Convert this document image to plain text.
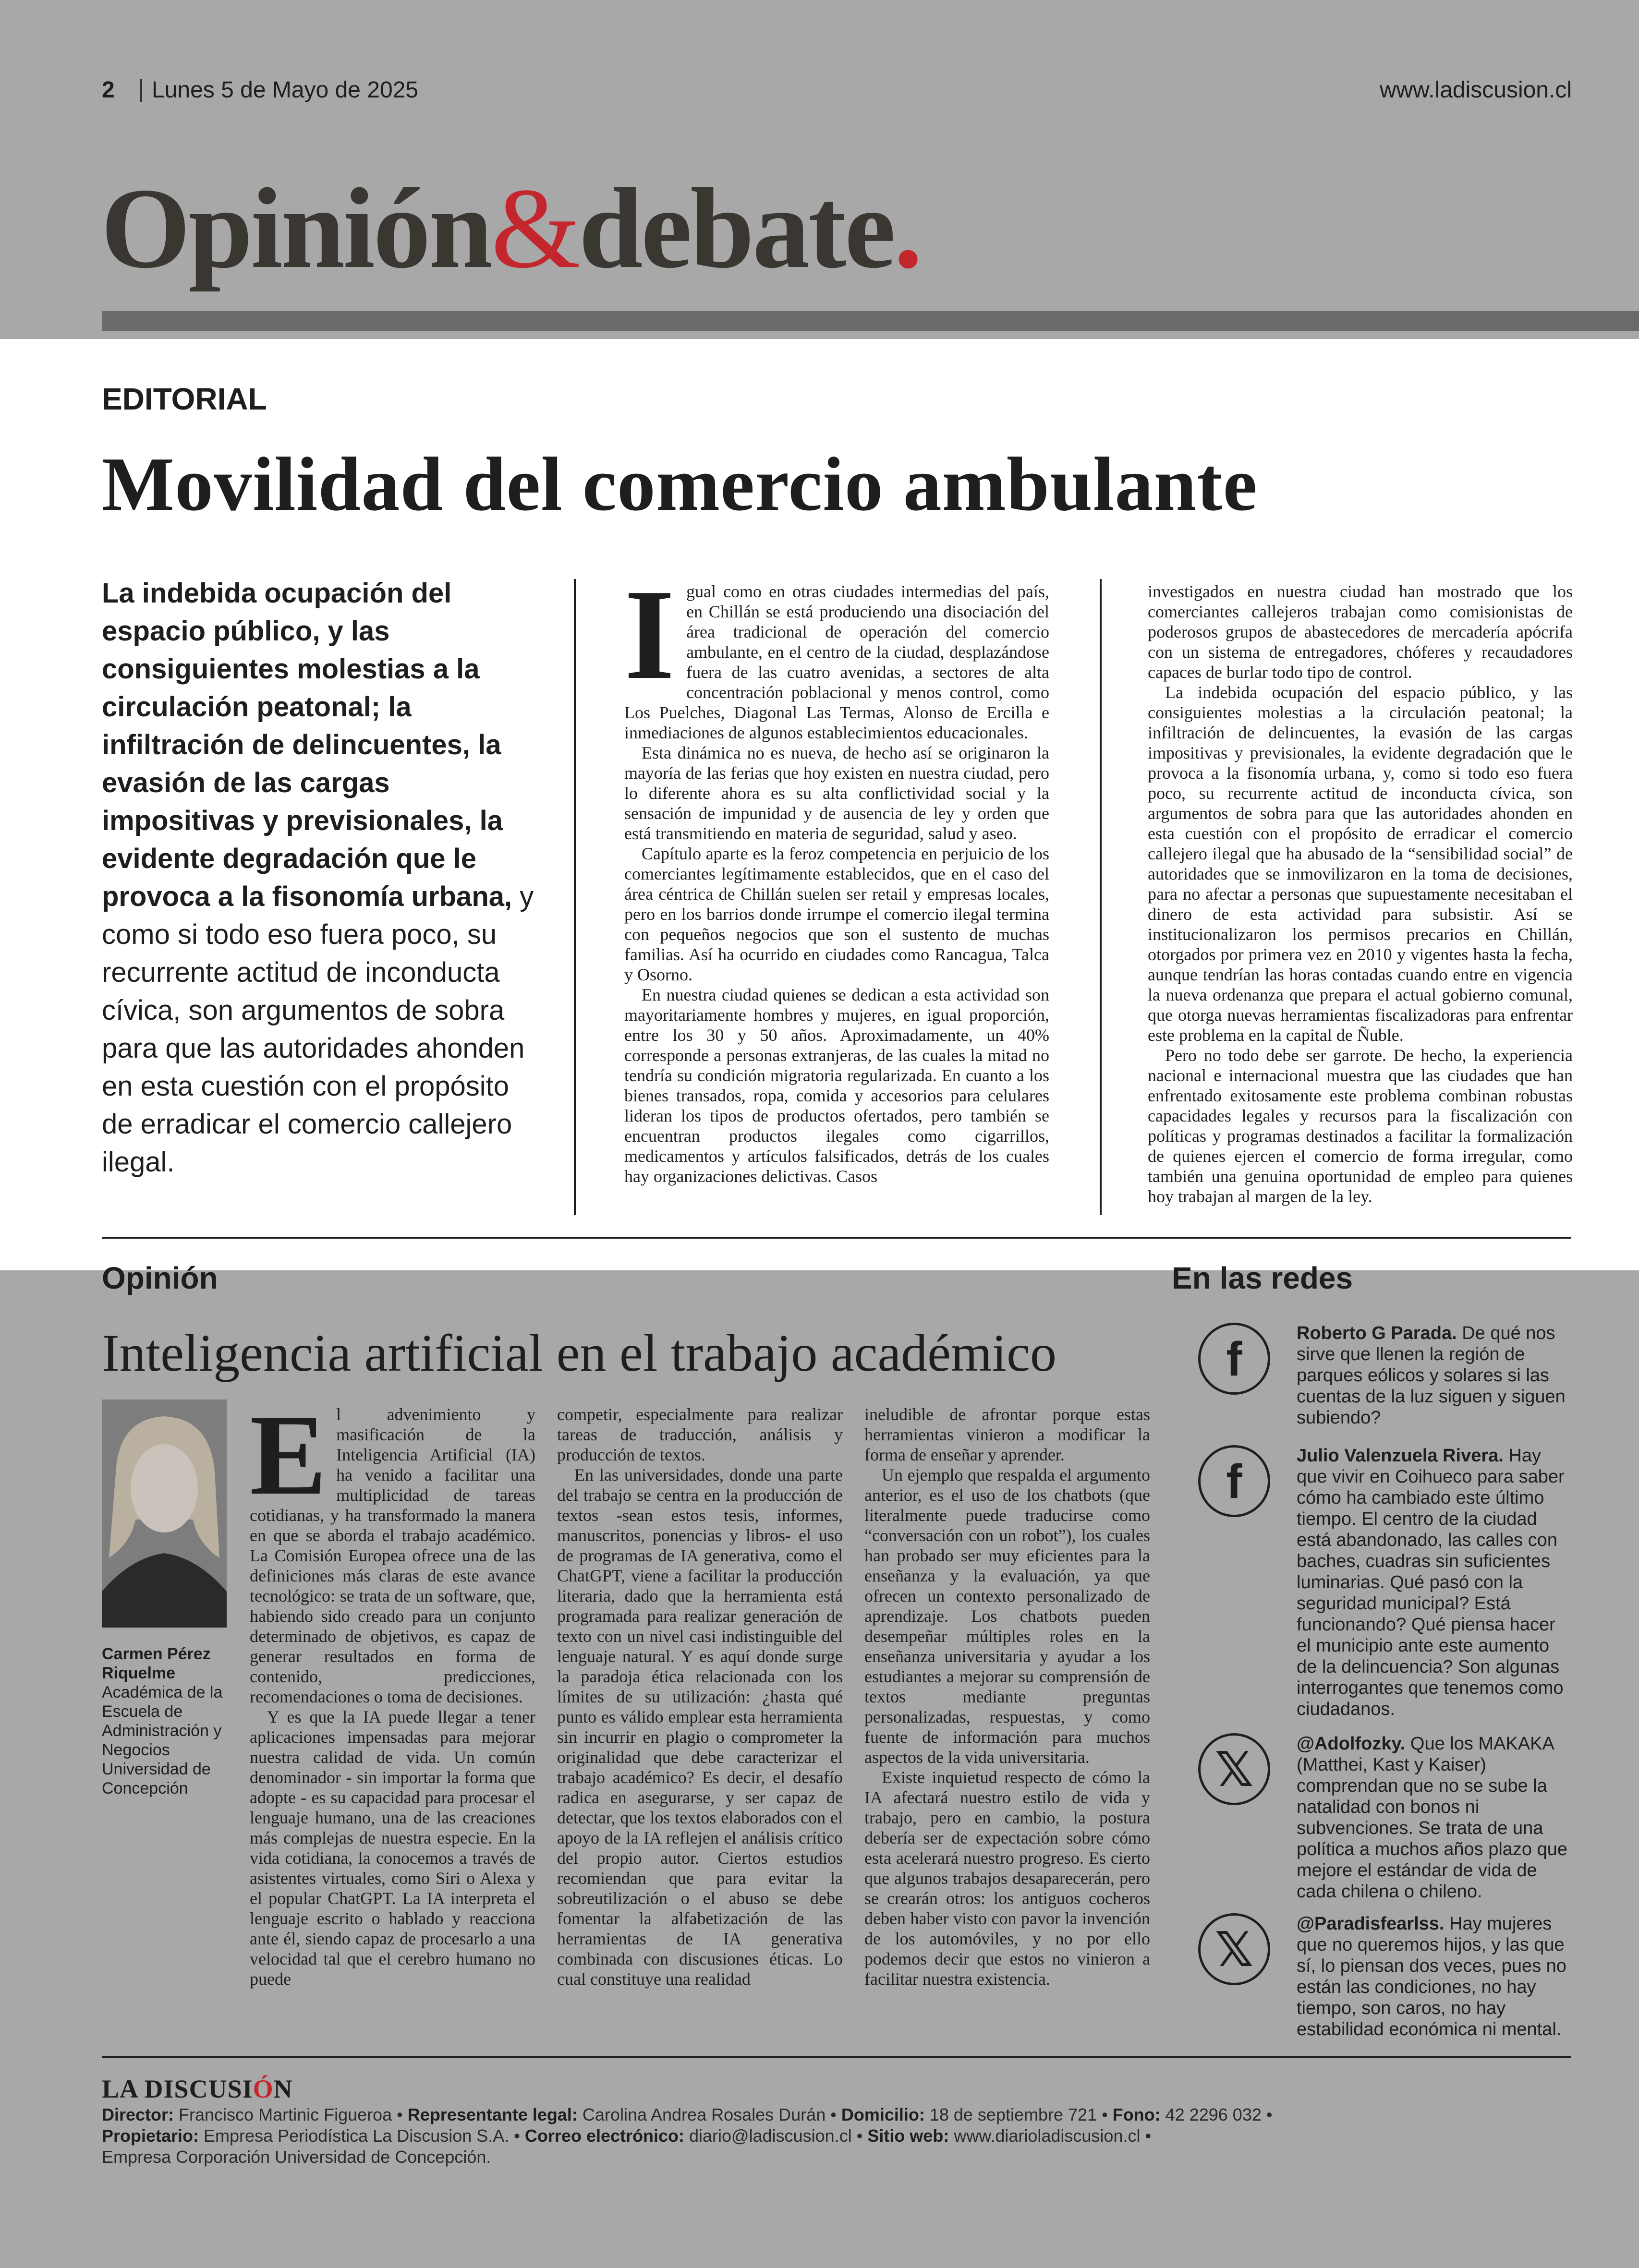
2 Lunes 5 de Mayo de 2025	www.ladiscusion.cl
Opinión&debate.
EDITORIAL
Movilidad del comercio ambulante
La indebida ocupación del espacio público, y las consiguientes molestias a la circulación peatonal; la infiltración de delincuentes, la evasión de las cargas impositivas y previsionales, la evidente degradación que le provoca a la fisonomía urbana, y como si todo eso fuera poco, su recurrente actitud de inconducta cívica, son argumentos de sobra para que las autoridades ahonden en esta cuestión con el propósito de erradicar el comercio callejero ilegal.

Igual como en otras ciudades intermedias del país, en Chillán se está produciendo una disociación del área tradicional de operación del comercio ambulante, en el centro de la ciudad, desplazándose fuera de las cuatro avenidas, a sectores de alta concentración poblacional y menos control, como Los Puelches, Diagonal Las Termas, Alonso de Ercilla e inmediaciones de algunos establecimientos educacionales.

Esta dinámica no es nueva, de hecho así se originaron la mayoría de las ferias que hoy existen en nuestra ciudad, pero lo diferente ahora es su alta conflictividad social y la sensación de impunidad y de ausencia de ley y orden que está transmitiendo en materia de seguridad, salud y aseo.

Capítulo aparte es la feroz competencia en perjuicio de los comerciantes legítimamente establecidos, que en el caso del área céntrica de Chillán suelen ser retail y empresas locales, pero en los barrios donde irrumpe el comercio ilegal termina con pequeños negocios que son el sustento de muchas familias. Así ha ocurrido en ciudades como Rancagua, Talca y Osorno.

En nuestra ciudad quienes se dedican a esta actividad son mayoritariamente hombres y mujeres, en igual proporción, entre los 30 y 50 años. Aproximadamente, un 40% corresponde a personas extranjeras, de las cuales la mitad no tendría su condición migratoria regularizada. En cuanto a los bienes transados, ropa, comida y accesorios para celulares lideran los tipos de productos ofertados, pero también se encuentran productos ilegales como cigarrillos, medicamentos y artículos falsificados, detrás de los cuales hay organizaciones delictivas. Casos

investigados en nuestra ciudad han mostrado que los comerciantes callejeros trabajan como comisionistas de poderosos grupos de abastecedores de mercadería apócrifa con un sistema de entregadores, chóferes y recaudadores capaces de burlar todo tipo de control.

La indebida ocupación del espacio público, y las consiguientes molestias a la circulación peatonal; la infiltración de delincuentes, la evasión de las cargas impositivas y previsionales, la evidente degradación que le provoca a la fisonomía urbana, y, como si todo eso fuera poco, su recurrente actitud de inconducta cívica, son argumentos de sobra para que las autoridades ahonden en esta cuestión con el propósito de erradicar el comercio callejero ilegal que ha abusado de la “sensibilidad social” de autoridades que se inmovilizaron en la toma de decisiones, para no afectar a personas que supuestamente necesitaban el dinero de esta actividad para subsistir. Así se institucionalizaron los permisos precarios en Chillán, otorgados por primera vez en 2010 y vigentes hasta la fecha, aunque tendrían las horas contadas cuando entre en vigencia la nueva ordenanza que prepara el actual gobierno comunal, que otorga nuevas herramientas fiscalizadoras para enfrentar este problema en la capital de Ñuble.

Pero no todo debe ser garrote. De hecho, la experiencia nacional e internacional muestra que las ciudades que han enfrentado exitosamente este problema combinan robustas capacidades legales y recursos para la fiscalización con políticas y programas destinados a facilitar la formalización de quienes ejercen el comercio de forma irregular, como también una genuina oportunidad de empleo para quienes hoy trabajan al margen de la ley.

Opinión
Inteligencia artificial en el trabajo académico
Carmen Pérez Riquelme
Académica de la Escuela de Administración y Negocios Universidad de Concepción

El advenimiento y masificación de la Inteligencia Artificial (IA) ha venido a facilitar una multiplicidad de tareas cotidianas, y ha transformado la manera en que se aborda el trabajo académico. La Comisión Europea ofrece una de las definiciones más claras de este avance tecnológico: se trata de un software, que, habiendo sido creado para un conjunto determinado de objetivos, es capaz de generar resultados en forma de contenido, predicciones, recomendaciones o toma de decisiones.

Y es que la IA puede llegar a tener aplicaciones impensadas para mejorar nuestra calidad de vida. Un común denominador - sin importar la forma que adopte - es su capacidad para procesar el lenguaje humano, una de las creaciones más complejas de nuestra especie. En la vida cotidiana, la conocemos a través de asistentes virtuales, como Siri o Alexa y el popular ChatGPT. La IA interpreta el lenguaje escrito o hablado y reacciona ante él, siendo capaz de procesarlo a una velocidad tal que el cerebro humano no puede

competir, especialmente para realizar tareas de traducción, análisis y producción de textos.

En las universidades, donde una parte del trabajo se centra en la producción de textos -sean estos tesis, informes, manuscritos, ponencias y libros- el uso de programas de IA generativa, como el ChatGPT, viene a facilitar la producción literaria, dado que la herramienta está programada para realizar generación de texto con un nivel casi indistinguible del lenguaje natural. Y es aquí donde surge la paradoja ética relacionada con los límites de su utilización: ¿hasta qué punto es válido emplear esta herramienta sin incurrir en plagio o comprometer la originalidad que debe caracterizar el trabajo académico? Es decir, el desafío radica en asegurarse, y ser capaz de detectar, que los textos elaborados con el apoyo de la IA reflejen el análisis crítico del propio autor. Ciertos estudios recomiendan que para evitar la sobreutilización o el abuso se debe fomentar la alfabetización de las herramientas de IA generativa combinada con discusiones éticas. Lo cual constituye una realidad

ineludible de afrontar porque estas herramientas vinieron a modificar la forma de enseñar y aprender.

Un ejemplo que respalda el argumento anterior, es el uso de los chatbots (que literalmente puede traducirse como “conversación con un robot”), los cuales han probado ser muy eficientes para la enseñanza y la evaluación, ya que ofrecen un contexto personalizado de aprendizaje. Los chatbots pueden desempeñar múltiples roles en la enseñanza universitaria y ayudar a los estudiantes a mejorar su comprensión de textos mediante preguntas personalizadas, respuestas, y como fuente de información para muchos aspectos de la vida universitaria.

Existe inquietud respecto de cómo la IA afectará nuestro estilo de vida y trabajo, pero en cambio, la postura debería ser de expectación sobre cómo esta acelerará nuestro progreso. Es cierto que algunos trabajos desaparecerán, pero se crearán otros: los antiguos cocheros deben haber visto con pavor la invención de los automóviles, y no por ello podemos decir que estos no vinieron a facilitar nuestra existencia.

En las redes
f	Roberto G Parada. De qué nos sirve que llenen la región de parques eólicos y solares si las cuentas de la luz siguen y siguen subiendo?
f	Julio Valenzuela Rivera. Hay que vivir en Coihueco para saber cómo ha cambiado este último tiempo. El centro de la ciudad está abandonado, las calles con baches, cuadras sin suficientes luminarias. Qué pasó con la seguridad municipal? Está funcionando? Qué piensa hacer el municipio ante este aumento de la delincuencia? Son algunas interrogantes que tenemos como ciudadanos.
𝕏	@Adolfozky. Que los MAKAKA (Matthei, Kast y Kaiser) comprendan que no se sube la natalidad con bonos ni subvenciones. Se trata de una política a muchos años plazo que mejore el estándar de vida de cada chilena o chileno.
𝕏	@Paradisfearlss. Hay mujeres que no queremos hijos, y las que sí, lo piensan dos veces, pues no están las condiciones, no hay tiempo, son caros, no hay estabilidad económica ni mental.
LA DISCUSIÓN
Director: Francisco Martinic Figueroa • Representante legal: Carolina Andrea Rosales Durán • Domicilio: 18 de septiembre 721 • Fono: 42 2296 032 •
Propietario: Empresa Periodística La Discusion S.A. • Correo electrónico: diario@ladiscusion.cl • Sitio web: www.diarioladiscusion.cl •
Empresa Corporación Universidad de Concepción.
